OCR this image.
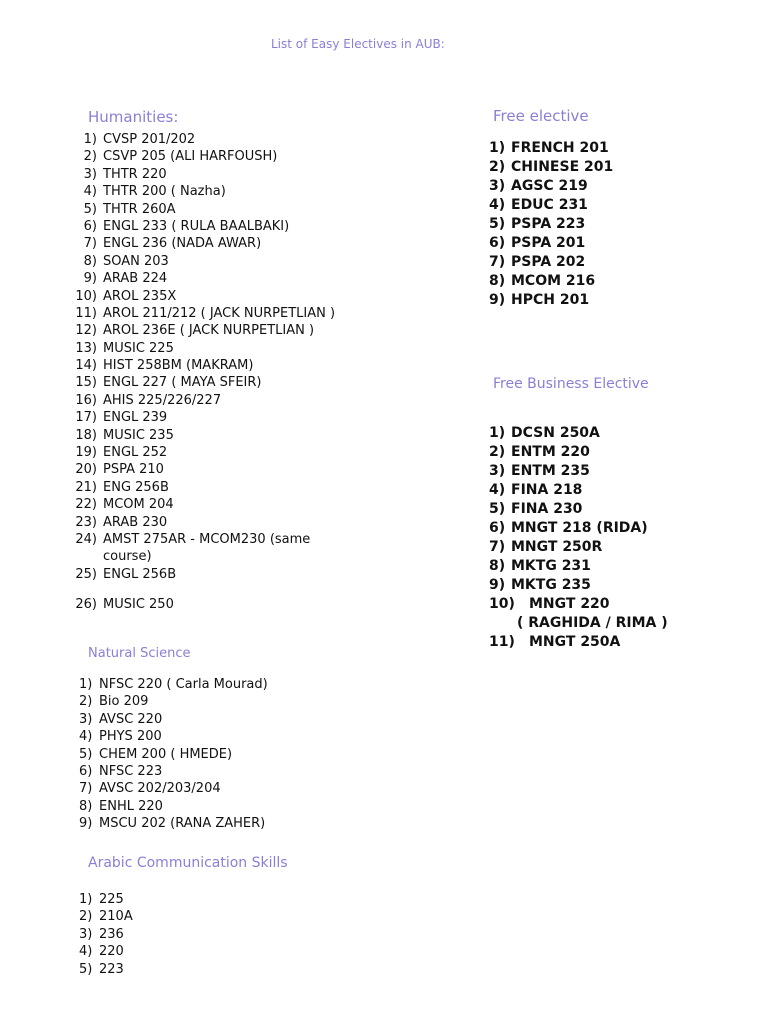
List of Easy Electives in AUB:
Humanities:
1) CVSP 201/202
2) CSVP 205 (ALI HARFOUSH)
3) THTR 220
4) THTR 200 ( Nazha)
5) THTR 260A
6) ENGL 233 ( RULA BAALBAKI)
7) ENGL 236 (NADA AWAR)
8) SOAN 203
9) ARAB 224
10) AROL 235X
11) AROL 211/212 ( JACK NURPETLIAN )
12) AROL 236E ( JACK NURPETLIAN )
13) MUSIC 225
14) HIST 258BM (MAKRAM)
15) ENGL 227 ( MAYA SFEIR)
16) AHIS 225/226/227
17) ENGL 239
18) MUSIC 235
19) ENGL 252
20) PSPA 210
21) ENG 256B
22) MCOM 204
23) ARAB 230
24) AMST 275AR - MCOM230 (same course)
25) ENGL 256B
26) MUSIC 250
Free elective
1) FRENCH 201
2) CHINESE 201
3) AGSC 219
4) EDUC 231
5) PSPA 223
6) PSPA 201
7) PSPA 202
8) MCOM 216
9) HPCH 201
Free Business Elective
1) DCSN 250A
2) ENTM 220
3) ENTM 235
4) FINA 218
5) FINA 230
6) MNGT 218 (RIDA)
7) MNGT 250R
8) MKTG 231
9) MKTG 235
10) MNGT 220
( RAGHIDA / RIMA )
11) MNGT 250A
Natural Science
1) NFSC 220 ( Carla Mourad)
2) Bio 209
3) AVSC 220
4) PHYS 200
5) CHEM 200 ( HMEDE)
6) NFSC 223
7) AVSC 202/203/204
8) ENHL 220
9) MSCU 202 (RANA ZAHER)
Arabic Communication Skills
1) 225
2) 210A
3) 236
4) 220
5) 223
